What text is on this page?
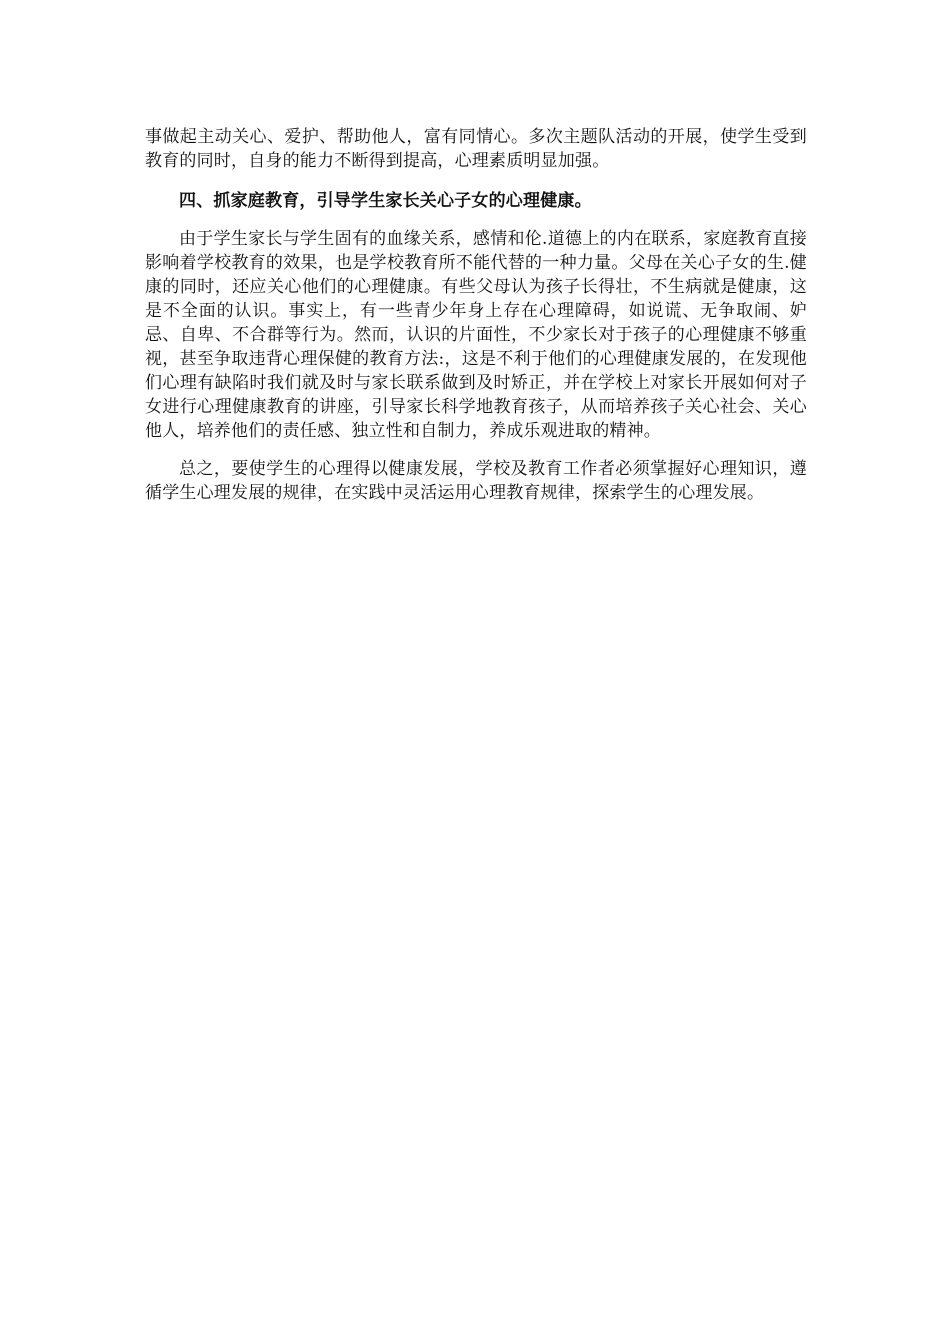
事做起主动关心、爱护、帮助他人，富有同情心。多次主题队活动的开展，使学生受到教育的同时，自身的能力不断得到提高，心理素质明显加强。

四、抓家庭教育，引导学生家长关心子女的心理健康。

由于学生家长与学生固有的血缘关系，感情和伦.道德上的内在联系，家庭教育直接影响着学校教育的效果，也是学校教育所不能代替的一种力量。父母在关心子女的生.健康的同时，还应关心他们的心理健康。有些父母认为孩子长得壮，不生病就是健康，这是不全面的认识。事实上，有一些青少年身上存在心理障碍，如说谎、无争取闹、妒忌、自卑、不合群等行为。然而，认识的片面性，不少家长对于孩子的心理健康不够重视，甚至争取违背心理保健的教育方法:，这是不利于他们的心理健康发展的，在发现他们心理有缺陷时我们就及时与家长联系做到及时矫正，并在学校上对家长开展如何对子女进行心理健康教育的讲座，引导家长科学地教育孩子，从而培养孩子关心社会、关心他人，培养他们的责任感、独立性和自制力，养成乐观进取的精神。

总之，要使学生的心理得以健康发展，学校及教育工作者必须掌握好心理知识，遵循学生心理发展的规律，在实践中灵活运用心理教育规律，探索学生的心理发展。
